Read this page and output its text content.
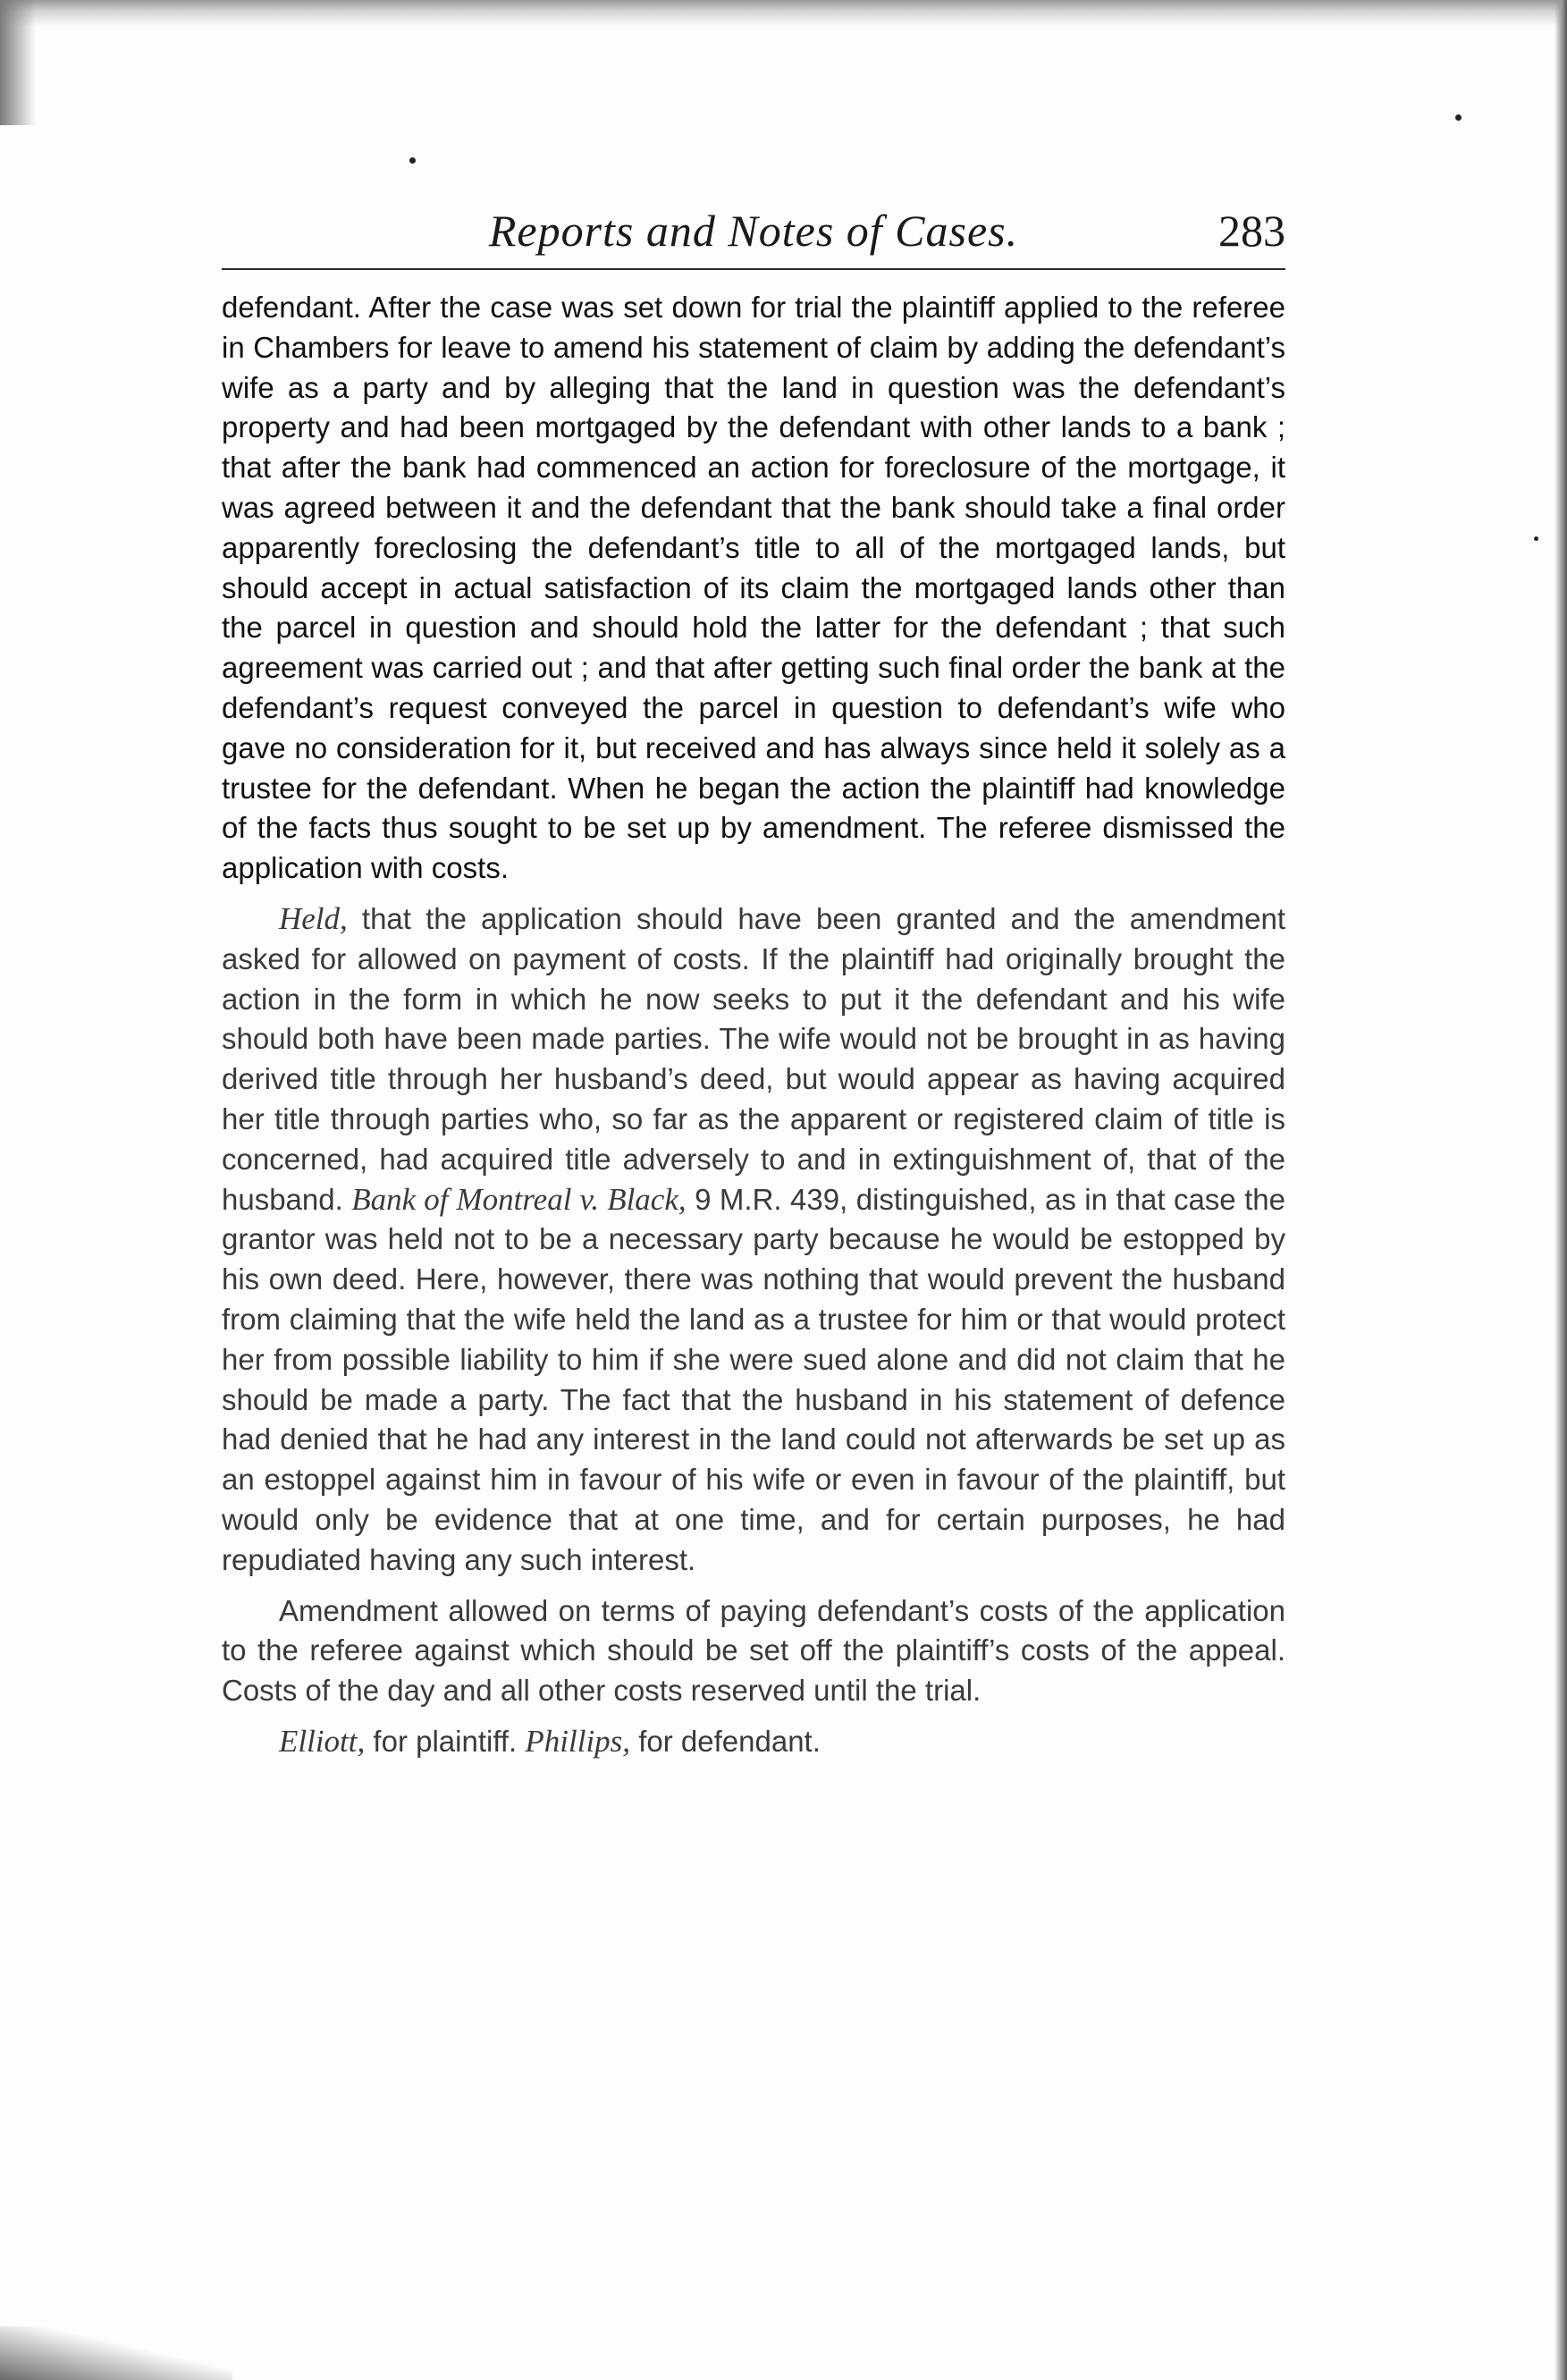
Reports and Notes of Cases.	283

defendant. After the case was set down for trial the plaintiff applied to the referee in Chambers for leave to amend his statement of claim by adding the defendant’s wife as a party and by alleging that the land in question was the defendant’s property and had been mortgaged by the defendant with other lands to a bank ; that after the bank had commenced an action for foreclosure of the mortgage, it was agreed between it and the defendant that the bank should take a final order apparently foreclosing the defendant’s title to all of the mortgaged lands, but should accept in actual satisfaction of its claim the mortgaged lands other than the parcel in question and should hold the latter for the defendant ; that such agreement was carried out ; and that after getting such final order the bank at the defendant’s request conveyed the parcel in question to defendant’s wife who gave no consideration for it, but received and has always since held it solely as a trustee for the defendant. When he began the action the plaintiff had knowledge of the facts thus sought to be set up by amendment. The referee dismissed the application with costs.

Held, that the application should have been granted and the amendment asked for allowed on payment of costs. If the plaintiff had originally brought the action in the form in which he now seeks to put it the defendant and his wife should both have been made parties. The wife would not be brought in as having derived title through her husband’s deed, but would appear as having acquired her title through parties who, so far as the apparent or registered claim of title is concerned, had acquired title adversely to and in extinguishment of, that of the husband. Bank of Montreal v. Black, 9 M.R. 439, distinguished, as in that case the grantor was held not to be a necessary party because he would be estopped by his own deed. Here, however, there was nothing that would prevent the husband from claiming that the wife held the land as a trustee for him or that would protect her from possible liability to him if she were sued alone and did not claim that he should be made a party. The fact that the husband in his statement of defence had denied that he had any interest in the land could not afterwards be set up as an estoppel against him in favour of his wife or even in favour of the plaintiff, but would only be evidence that at one time, and for certain purposes, he had repudiated having any such interest.

Amendment allowed on terms of paying defendant’s costs of the application to the referee against which should be set off the plaintiff’s costs of the appeal. Costs of the day and all other costs reserved until the trial.

Elliott, for plaintiff. Phillips, for defendant.
